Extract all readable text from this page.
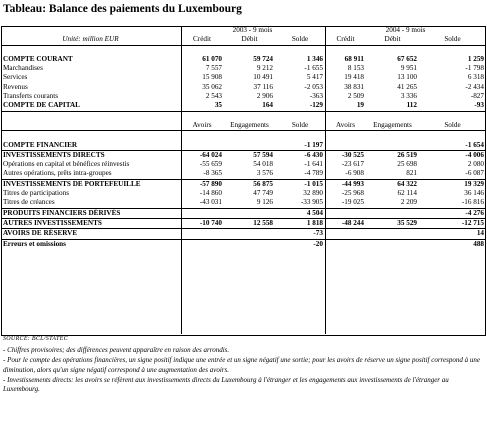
Tableau: Balance des paiements du Luxembourg
	2003 - 9 mois			2004 - 9 mois		
Unité: million EUR	Crédit	Débit	Solde	Crédit	Débit	Solde

COMPTE COURANT	61 070	59 724	1 346	68 911	67 652	1 259
Marchandises	7 557	9 212	-1 655	8 153	9 951	-1 798
Services	15 908	10 491	5 417	19 418	13 100	6 318
Revenus	35 062	37 116	-2 053	38 831	41 265	-2 434
Transferts courants	2 543	2 906	-363	2 509	3 336	-827
COMPTE DE CAPITAL	35	164	-129	19	112	-93

	Avoirs	Engagements	Solde	Avoirs	Engagements	Solde

COMPTE FINANCIER			-1 197			-1 654
INVESTISSEMENTS DIRECTS	-64 024	57 594	-6 430	-30 525	26 519	-4 006
Opérations en capital et bénéfices réinvestis	-55 659	54 018	-1 641	-23 617	25 698	2 080
Autres opérations, prêts intra-groupes	-8 365	3 576	-4 789	-6 908	821	-6 087
INVESTISSEMENTS DE PORTEFEUILLE	-57 890	56 875	-1 015	-44 993	64 322	19 329
Titres de participations	-14 860	47 749	32 890	-25 968	62 114	36 146
Titres de créances	-43 031	9 126	-33 905	-19 025	2 209	-16 816
PRODUITS FINANCIERS DÉRIVÉS			4 504			-4 276
AUTRES INVESTISSEMENTS	-10 740	12 558	1 818	-48 244	35 529	-12 715
AVOIRS DE RÉSERVE			-73			14
Erreurs et omissions			-20			488
SOURCE: BCL/STATEC

- Chiffres provisoires; des différences peuvent apparaître en raison des arrondis.

- Pour le compte des opérations financières, un signe positif indique une entrée et un signe négatif une sortie; pour les avoirs de réserve un signe positif correspond à une diminution, alors qu'un signe négatif correspond à une augmentation des avoirs.

- Investissements directs: les avoirs se réfèrent aux investissements directs du Luxembourg à l'étranger et les engagements aux investissements de l'étranger au Luxembourg.
